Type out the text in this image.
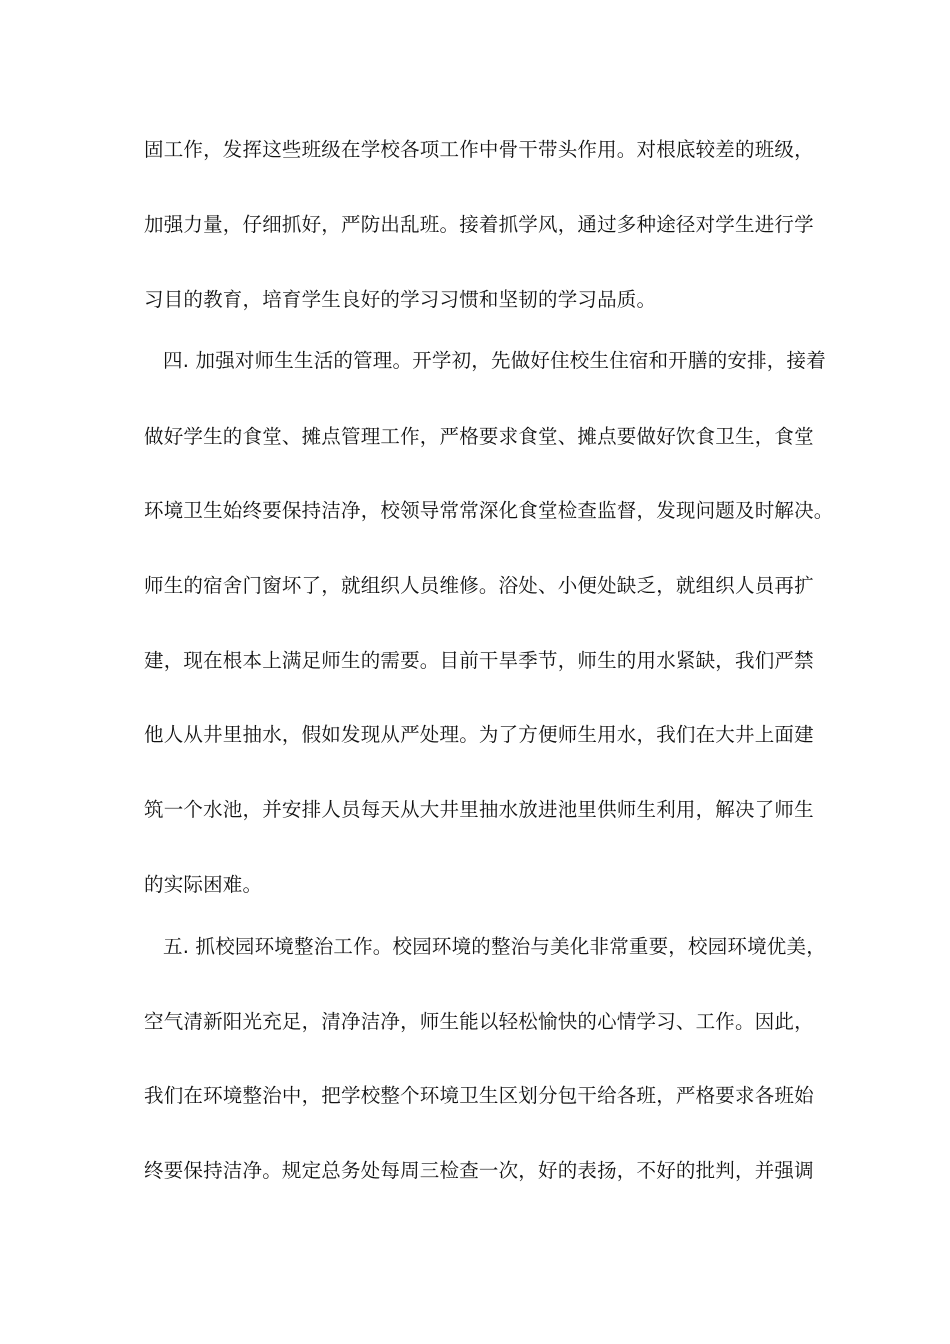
固工作，发挥这些班级在学校各项工作中骨干带头作用。对根底较差的班级，
加强力量，仔细抓好，严防出乱班。接着抓学风，通过多种途径对学生进行学
习目的教育，培育学生良好的学习习惯和坚韧的学习品质。
四. 加强对师生生活的管理。开学初，先做好住校生住宿和开膳的安排，接着
做好学生的食堂、摊点管理工作，严格要求食堂、摊点要做好饮食卫生，食堂
环境卫生始终要保持洁净，校领导常常深化食堂检查监督，发现问题及时解决。
师生的宿舍门窗坏了，就组织人员维修。浴处、小便处缺乏，就组织人员再扩
建，现在根本上满足师生的需要。目前干旱季节，师生的用水紧缺，我们严禁
他人从井里抽水，假如发现从严处理。为了方便师生用水，我们在大井上面建
筑一个水池，并安排人员每天从大井里抽水放进池里供师生利用，解决了师生
的实际困难。
五. 抓校园环境整治工作。校园环境的整治与美化非常重要，校园环境优美，
空气清新阳光充足，清净洁净，师生能以轻松愉快的心情学习、工作。因此，
我们在环境整治中，把学校整个环境卫生区划分包干给各班，严格要求各班始
终要保持洁净。规定总务处每周三检查一次，好的表扬，不好的批判，并强调
